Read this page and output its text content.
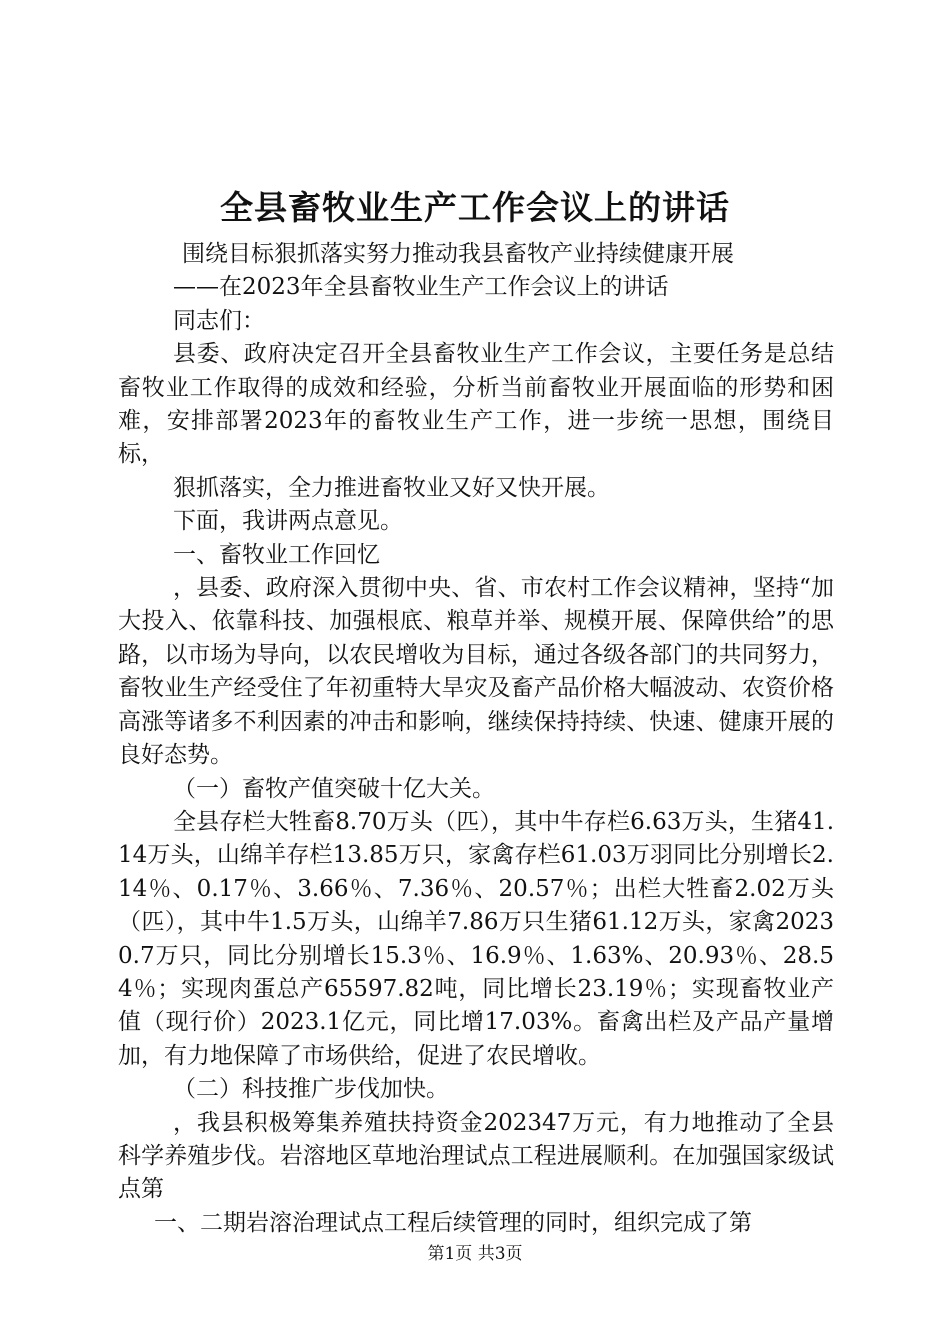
全县畜牧业生产工作会议上的讲话

围绕目标狠抓落实努力推动我县畜牧产业持续健康开展

——在2023年全县畜牧业生产工作会议上的讲话

同志们：

县委、政府决定召开全县畜牧业生产工作会议，主要任务是总结畜牧业工作取得的成效和经验，分析当前畜牧业开展面临的形势和困难，安排部署2023年的畜牧业生产工作，进一步统一思想，围绕目标，

狠抓落实，全力推进畜牧业又好又快开展。

下面，我讲两点意见。

一、畜牧业工作回忆

，县委、政府深入贯彻中央、省、市农村工作会议精神，坚持“加大投入、依靠科技、加强根底、粮草并举、规模开展、保障供给”的思路，以市场为导向，以农民增收为目标，通过各级各部门的共同努力，畜牧业生产经受住了年初重特大旱灾及畜产品价格大幅波动、农资价格高涨等诸多不利因素的冲击和影响，继续保持持续、快速、健康开展的良好态势。

（一）畜牧产值突破十亿大关。

全县存栏大牲畜8.70万头（匹），其中牛存栏6.63万头，生猪41.14万头，山绵羊存栏13.85万只，家禽存栏61.03万羽同比分别增长2.14％、0.17％、3.66％、7.36％、20.57％；出栏大牲畜2.02万头（匹），其中牛1.5万头，山绵羊7.86万只生猪61.12万头，家禽20230.7万只，同比分别增长15.3％、16.9％、1.63%、20.93％、28.54％；实现肉蛋总产65597.82吨，同比增长23.19％；实现畜牧业产值（现行价）2023.1亿元，同比增17.03%。畜禽出栏及产品产量增加，有力地保障了市场供给，促进了农民增收。

（二）科技推广步伐加快。

，我县积极筹集养殖扶持资金202347万元，有力地推动了全县科学养殖步伐。岩溶地区草地治理试点工程进展顺利。在加强国家级试点第

一、二期岩溶治理试点工程后续管理的同时，组织完成了第

第1页 共3页
